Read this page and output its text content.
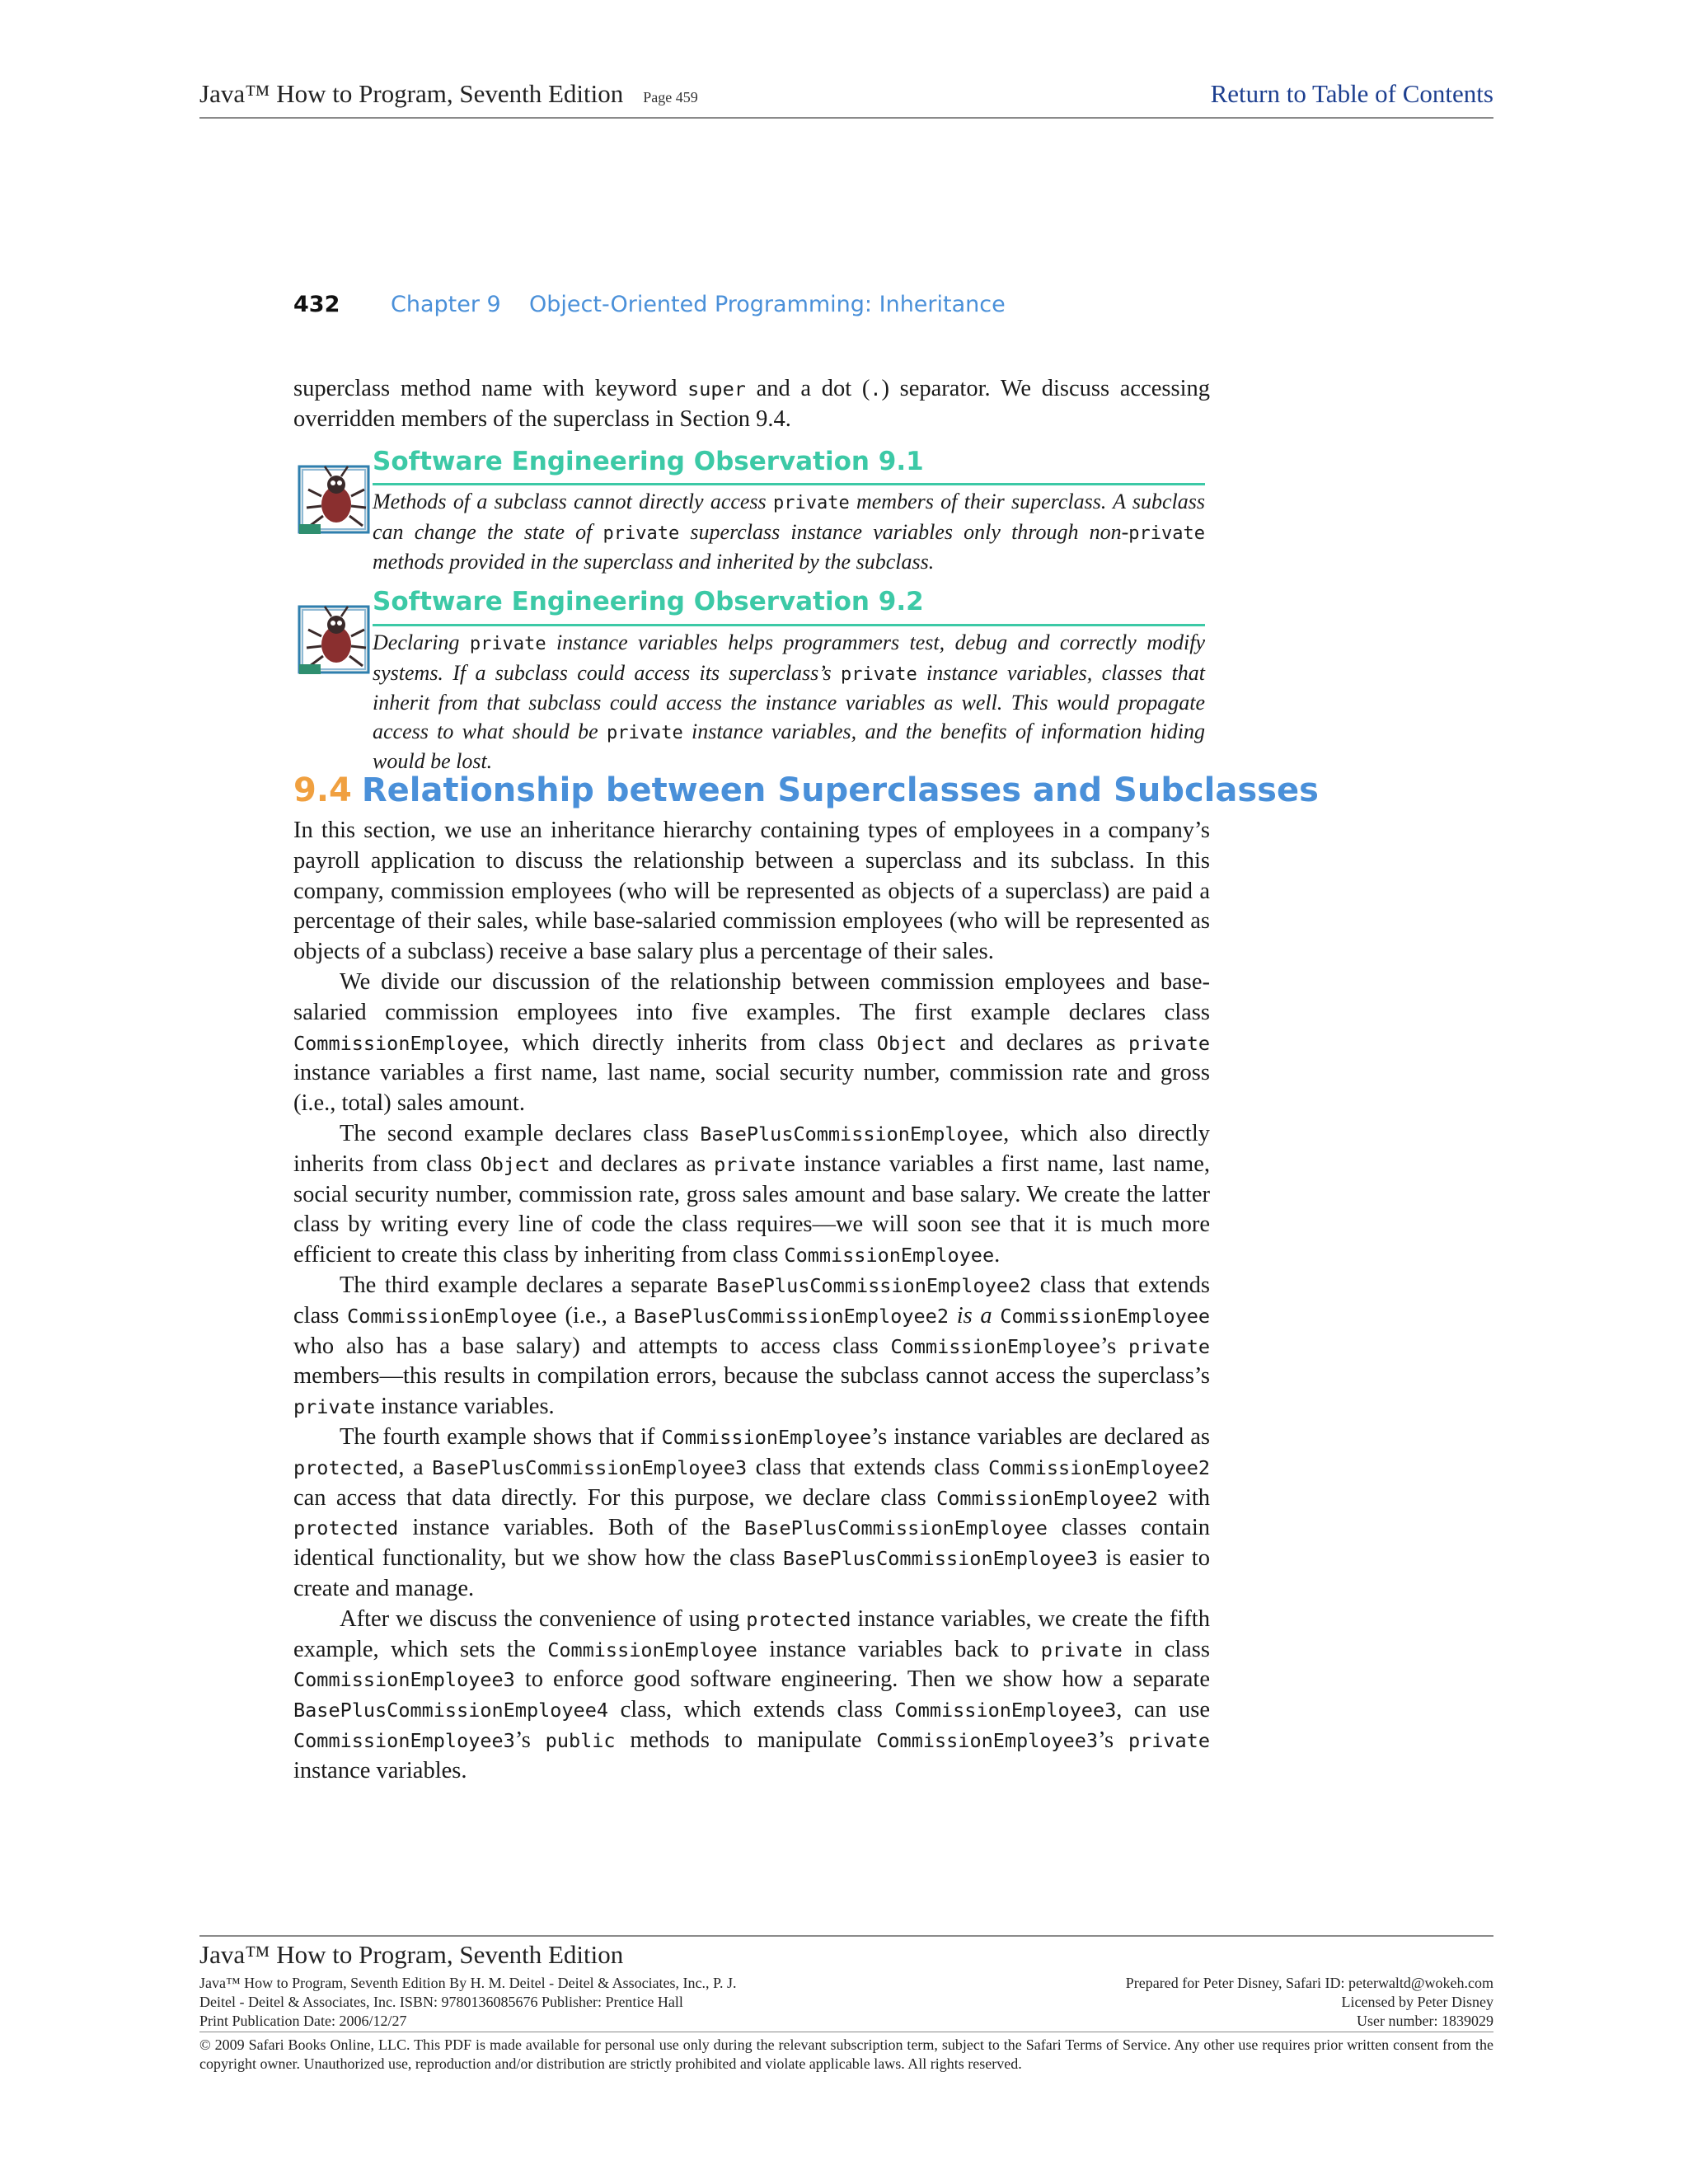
Java™ How to Program, Seventh Edition Page 459	Return to Table of Contents
432 Chapter 9    Object-Oriented Programming: Inheritance

superclass method name with keyword super and a dot (.) separator. We discuss accessing overridden members of the superclass in Section 9.4.

Software Engineering Observation 9.1
Methods of a subclass cannot directly access private members of their superclass. A subclass can change the state of private superclass instance variables only through non-private methods provided in the superclass and inherited by the subclass.
Software Engineering Observation 9.2
Declaring private instance variables helps programmers test, debug and correctly modify systems. If a subclass could access its superclass’s private instance variables, classes that inherit from that subclass could access the instance variables as well. This would propagate access to what should be private instance variables, and the benefits of information hiding would be lost.
9.4 Relationship between Superclasses and Subclasses

In this section, we use an inheritance hierarchy containing types of employees in a company’s payroll application to discuss the relationship between a superclass and its subclass. In this company, commission employees (who will be represented as objects of a superclass) are paid a percentage of their sales, while base-salaried commission employees (who will be represented as objects of a subclass) receive a base salary plus a percentage of their sales.

We divide our discussion of the relationship between commission employees and base-salaried commission employees into five examples. The first example declares class CommissionEmployee, which directly inherits from class Object and declares as private instance variables a first name, last name, social security number, commission rate and gross (i.e., total) sales amount.

The second example declares class BasePlusCommissionEmployee, which also directly inherits from class Object and declares as private instance variables a first name, last name, social security number, commission rate, gross sales amount and base salary. We create the latter class by writing every line of code the class requires—we will soon see that it is much more efficient to create this class by inheriting from class CommissionEmployee.

The third example declares a separate BasePlusCommissionEmployee2 class that extends class CommissionEmployee (i.e., a BasePlusCommissionEmployee2 is a CommissionEmployee who also has a base salary) and attempts to access class CommissionEmployee’s private members—this results in compilation errors, because the subclass cannot access the superclass’s private instance variables.

The fourth example shows that if CommissionEmployee’s instance variables are declared as protected, a BasePlusCommissionEmployee3 class that extends class CommissionEmployee2 can access that data directly. For this purpose, we declare class CommissionEmployee2 with protected instance variables. Both of the BasePlusCommissionEmployee classes contain identical functionality, but we show how the class BasePlusCommissionEmployee3 is easier to create and manage.

After we discuss the convenience of using protected instance variables, we create the fifth example, which sets the CommissionEmployee instance variables back to private in class CommissionEmployee3 to enforce good software engineering. Then we show how a separate BasePlusCommissionEmployee4 class, which extends class CommissionEmployee3, can use CommissionEmployee3’s public methods to manipulate CommissionEmployee3’s private instance variables.

Java™ How to Program, Seventh Edition
Java™ How to Program, Seventh Edition By H. M. Deitel - Deitel & Associates, Inc., P. J.
Deitel - Deitel & Associates, Inc. ISBN: 9780136085676 Publisher: Prentice Hall
Print Publication Date: 2006/12/27
Prepared for Peter Disney, Safari ID: peterwaltd@wokeh.com
Licensed by Peter Disney
User number: 1839029
© 2009 Safari Books Online, LLC. This PDF is made available for personal use only during the relevant subscription term, subject to the Safari Terms of Service. Any other use requires prior written consent from the copyright owner. Unauthorized use, reproduction and/or distribution are strictly prohibited and violate applicable laws. All rights reserved.
